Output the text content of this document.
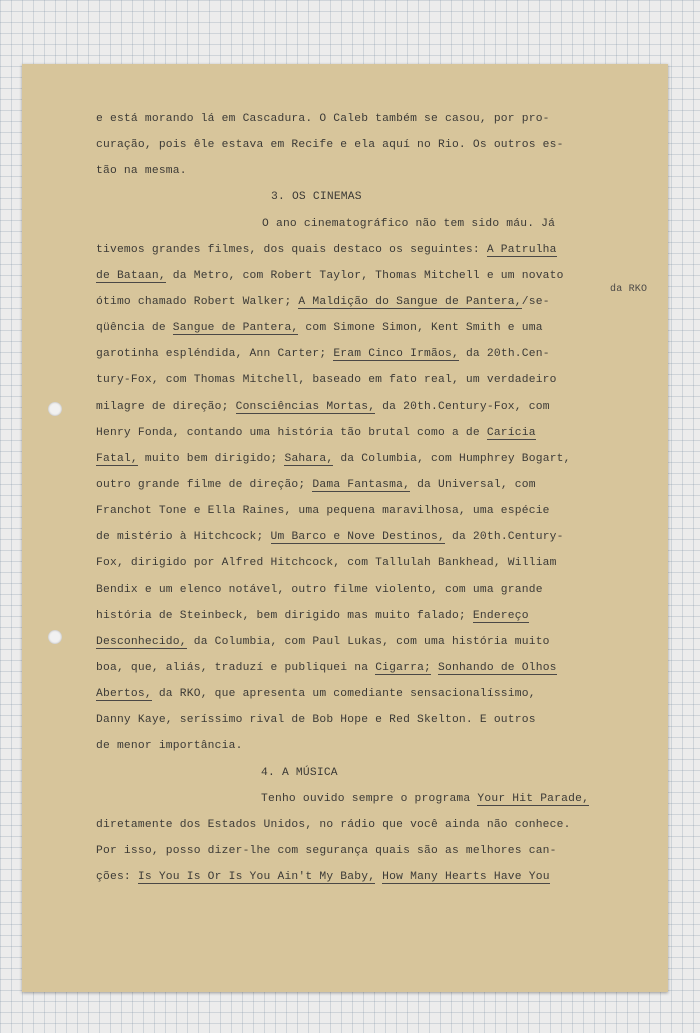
e está morando lá em Cascadura. O Caleb também se casou, por pro-
curação, pois êle estava em Recife e ela aquí no Rio. Os outros es-
tão na mesma.
3. OS CINEMAS
O ano cinematográfico não tem sido máu. Já
tivemos grandes filmes, dos quais destaco os seguintes: A Patrulha
de Bataan, da Metro, com Robert Taylor, Thomas Mitchell e um novato
da RKO
ótimo chamado Robert Walker; A Maldição do Sangue de Pantera,/se-
qüência de Sangue de Pantera, com Simone Simon, Kent Smith e uma
garotinha espléndida, Ann Carter; Eram Cinco Irmãos, da 20th.Cen-
tury-Fox, com Thomas Mitchell, baseado em fato real, um verdadeiro
milagre de direção; Consciências Mortas, da 20th.Century-Fox, com
Henry Fonda, contando uma história tão brutal como a de Carícia
Fatal, muito bem dirigido; Sahara, da Columbia, com Humphrey Bogart,
outro grande filme de direção; Dama Fantasma, da Universal, com
Franchot Tone e Ella Raines, uma pequena maravilhosa, uma espécie
de mistério à Hitchcock; Um Barco e Nove Destinos, da 20th.Century-
Fox, dirigido por Alfred Hitchcock, com Tallulah Bankhead, William
Bendix e um elenco notável, outro filme violento, com uma grande
história de Steinbeck, bem dirigido mas muito falado; Endereço
Desconhecido, da Columbia, com Paul Lukas, com uma história muito
boa, que, aliás, traduzí e publiquei na Cigarra; Sonhando de Olhos
Abertos, da RKO, que apresenta um comediante sensacionalíssimo,
Danny Kaye, seríssimo rival de Bob Hope e Red Skelton. E outros
de menor importância.
4. A MÚSICA
Tenho ouvido sempre o programa Your Hit Parade,
diretamente dos Estados Unidos, no rádio que você ainda não conhece.
Por isso, posso dizer-lhe com segurança quais são as melhores can-
ções: Is You Is Or Is You Ain't My Baby, How Many Hearts Have You
